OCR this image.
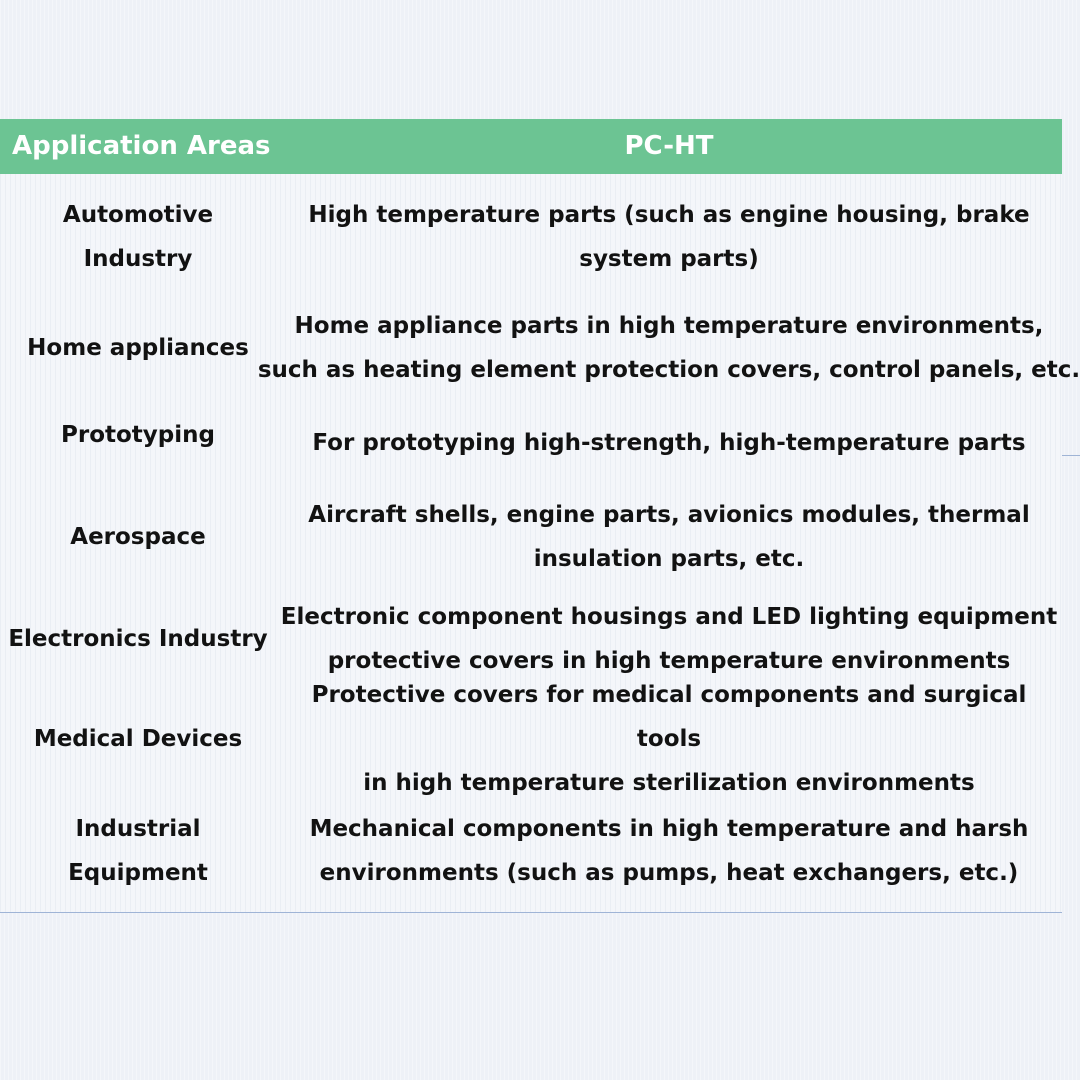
Application Areas	PC-HT
Automotive
Industry
High temperature parts (such as engine housing, brake
system parts)
Home appliances
Home appliance parts in high temperature environments,
such as heating element protection covers, control panels, etc.
Prototyping	For prototyping high-strength, high-temperature parts
Aerospace
Aircraft shells, engine parts, avionics modules, thermal
insulation parts, etc.
Electronics Industry
Electronic component housings and LED lighting equipment
protective covers in high temperature environments
Medical Devices
Protective covers for medical components and surgical tools
in high temperature sterilization environments
Industrial
Equipment
Mechanical components in high temperature and harsh
environments (such as pumps, heat exchangers, etc.)
